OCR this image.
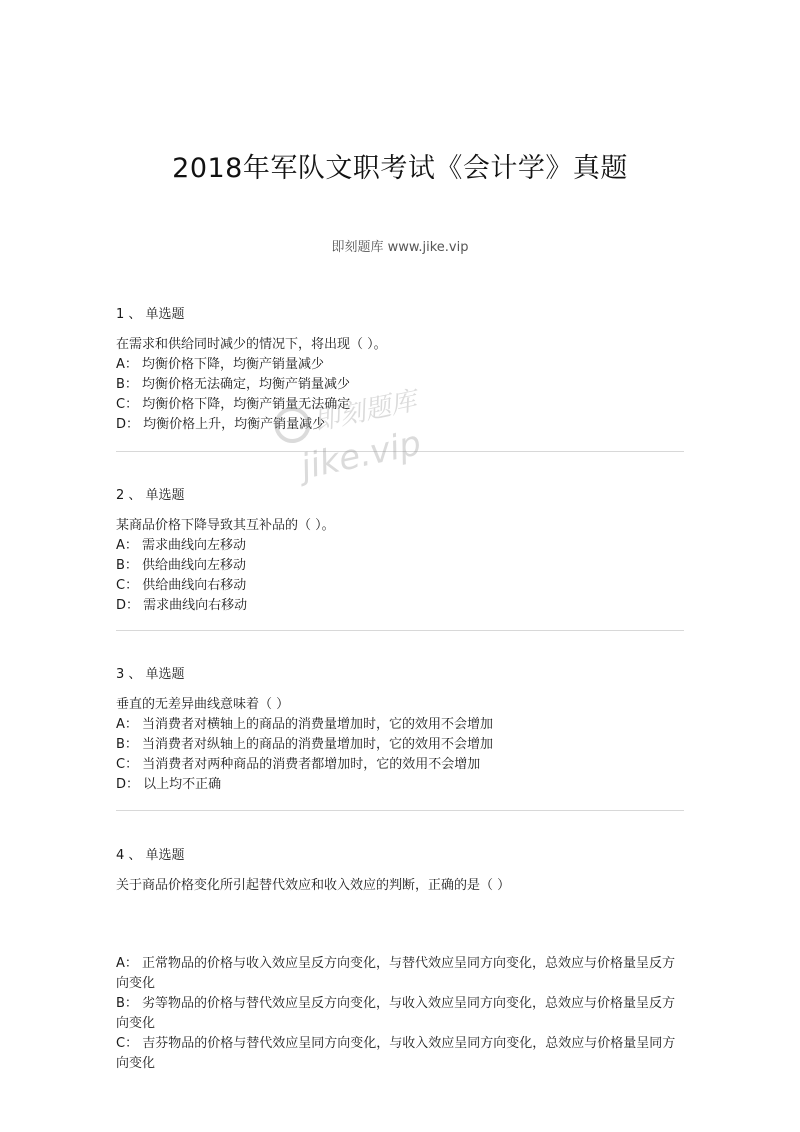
2018年军队文职考试《会计学》真题
即刻题库 www.jike.vip
1 、 单选题

在需求和供给同时减少的情况下，将出现（ ）。

A： 均衡价格下降，均衡产销量减少

B： 均衡价格无法确定，均衡产销量减少

C： 均衡价格下降，均衡产销量无法确定

D： 均衡价格上升，均衡产销量减少

2 、 单选题

某商品价格下降导致其互补品的（ ）。

A： 需求曲线向左移动

B： 供给曲线向左移动

C： 供给曲线向右移动

D： 需求曲线向右移动

3 、 单选题

垂直的无差异曲线意味着（ ）

A： 当消费者对横轴上的商品的消费量增加时，它的效用不会增加

B： 当消费者对纵轴上的商品的消费量增加时，它的效用不会增加

C： 当消费者对两种商品的消费者都增加时，它的效用不会增加

D： 以上均不正确

4 、 单选题

关于商品价格变化所引起替代效应和收入效应的判断，正确的是（ ）

A： 正常物品的价格与收入效应呈反方向变化，与替代效应呈同方向变化，总效应与价格量呈反方向变化

B： 劣等物品的价格与替代效应呈反方向变化，与收入效应呈同方向变化，总效应与价格量呈反方向变化

C： 吉芬物品的价格与替代效应呈同方向变化，与收入效应呈同方向变化，总效应与价格量呈同方向变化

即刻题库
jike.vip
